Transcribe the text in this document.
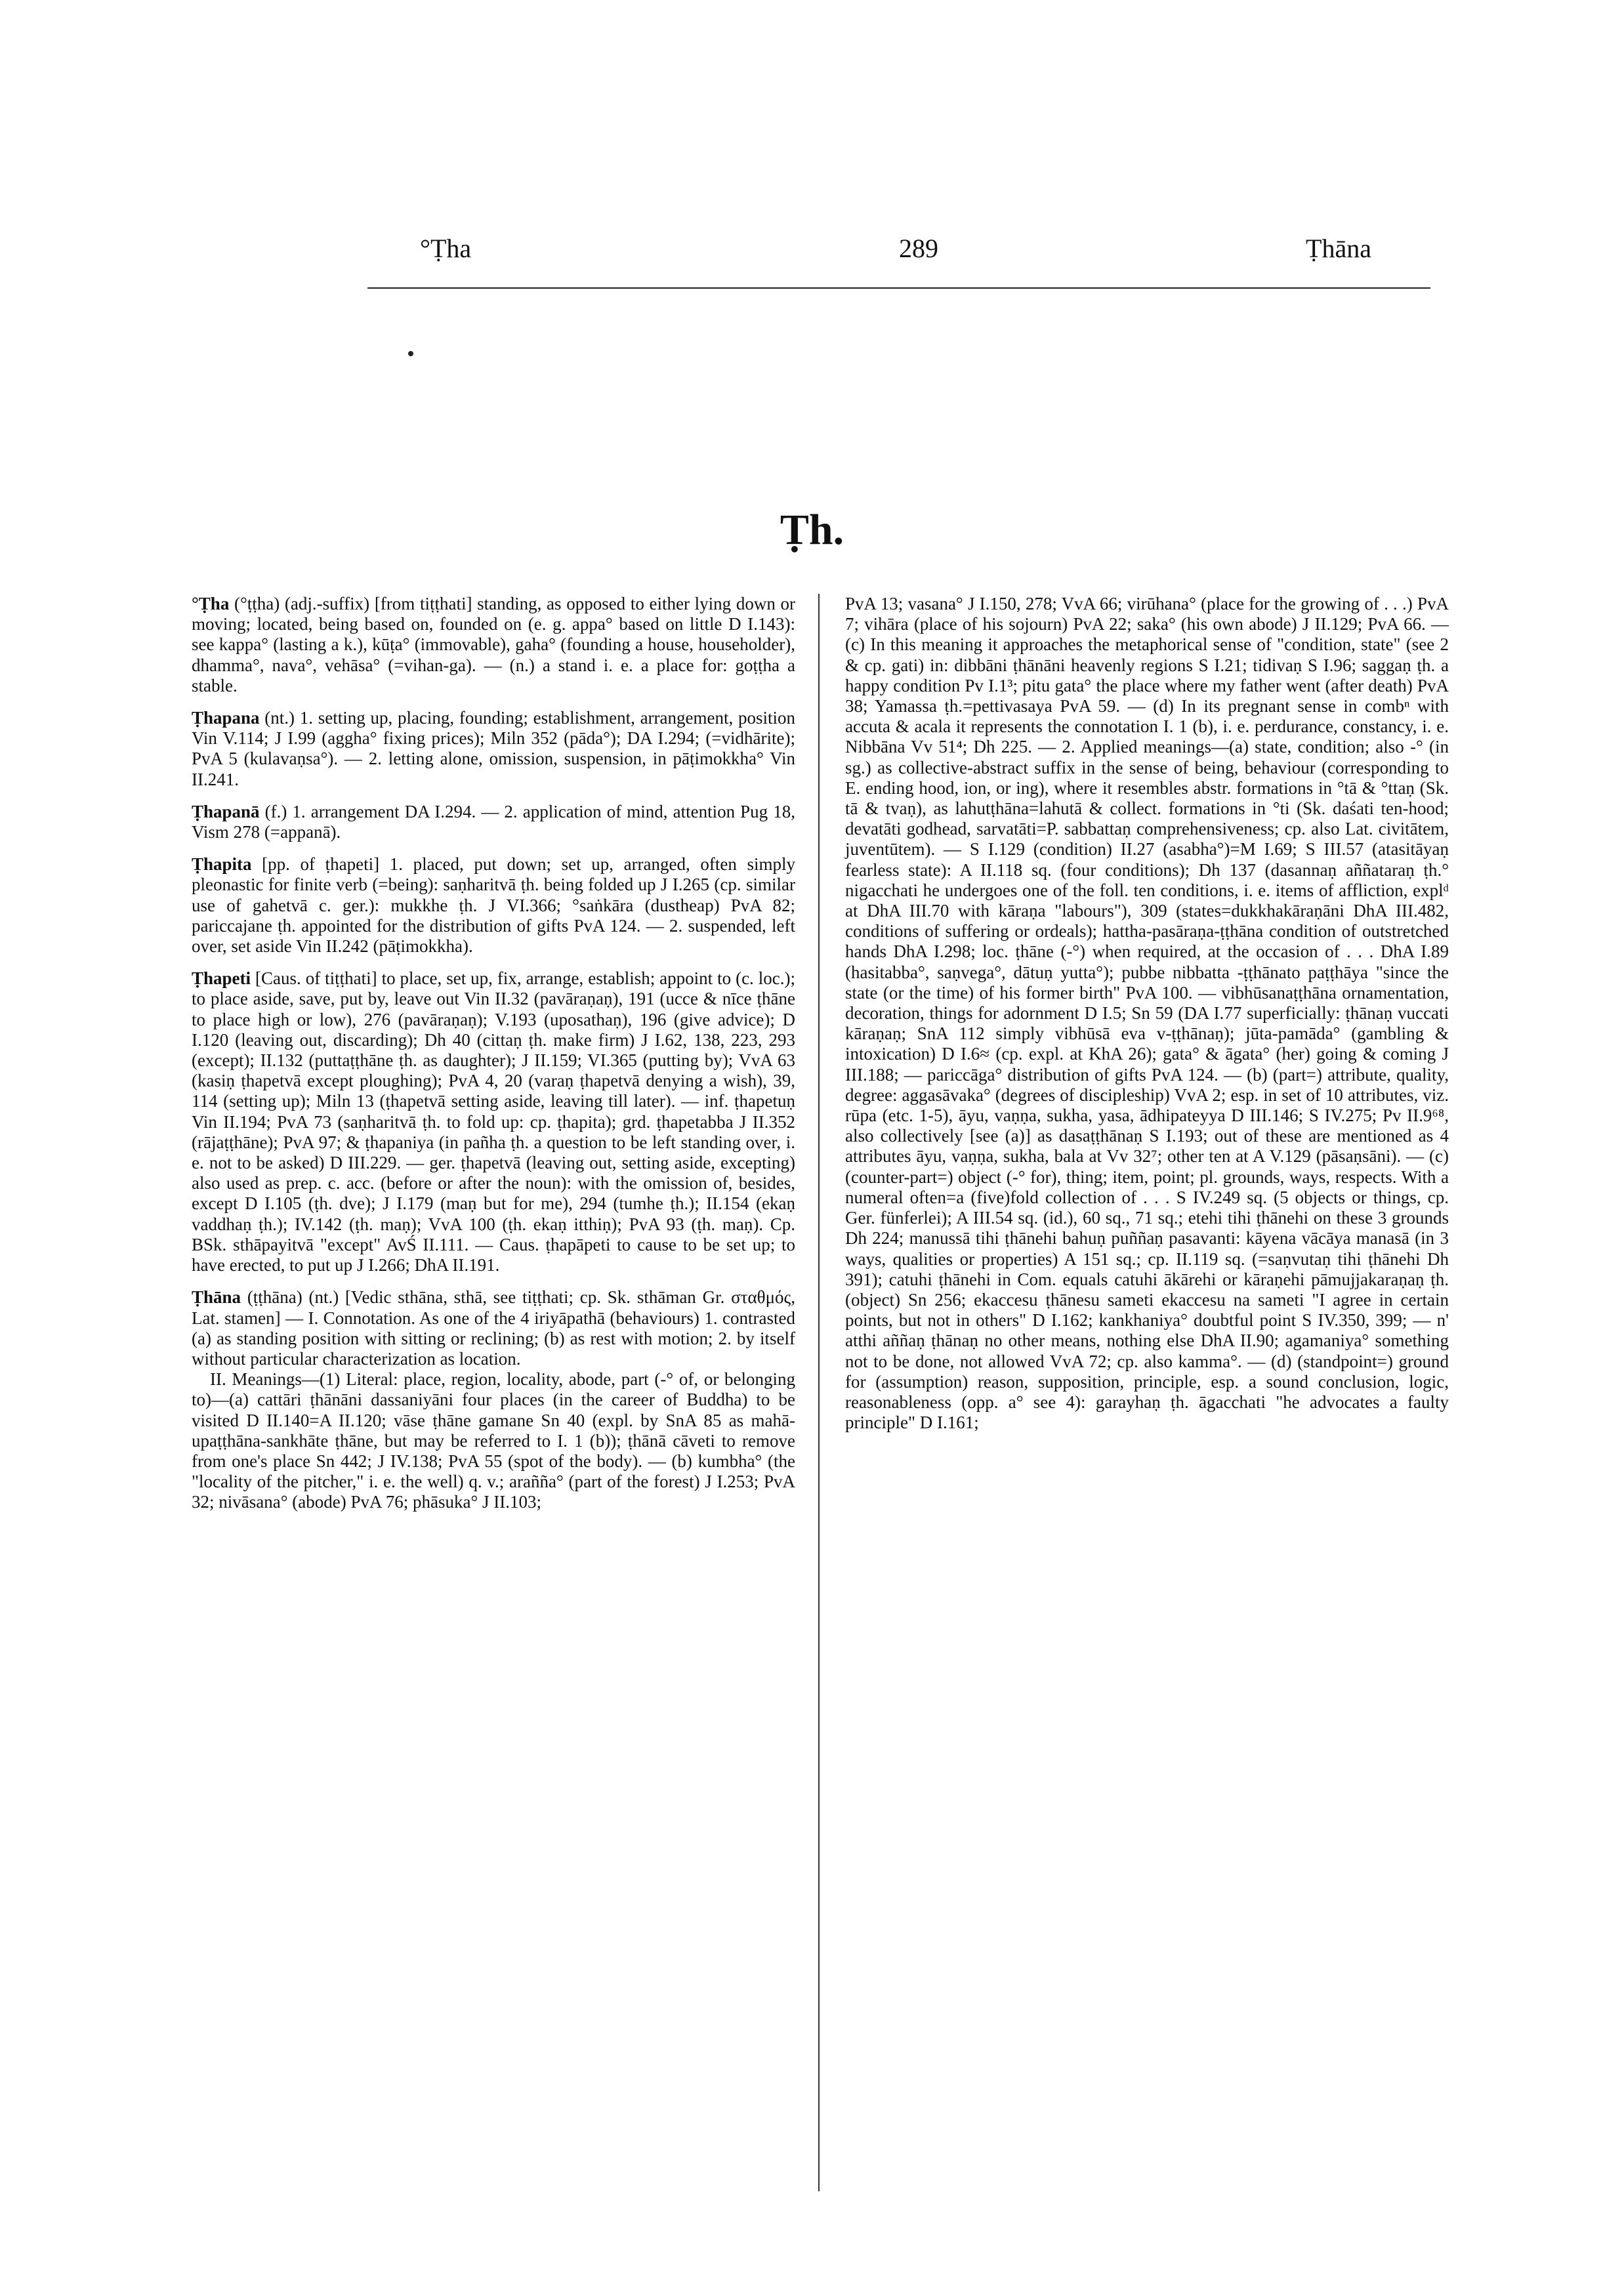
°Ṭha	289	Ṭhāna
Ṭh.

°Ṭha (°ṭṭha) (adj.-suffix) [from tiṭṭhati] standing, as opposed to either lying down or moving; located, being based on, founded on (e. g. appa° based on little D I.143): see kappa° (lasting a k.), kūṭa° (immovable), gaha° (founding a house, householder), dhamma°, nava°, vehāsa° (=vihan-ga). — (n.) a stand i. e. a place for: goṭṭha a stable.

Ṭhapana (nt.) 1. setting up, placing, founding; establishment, arrangement, position Vin V.114; J I.99 (aggha° fixing prices); Miln 352 (pāda°); DA I.294; (=vidhārite); PvA 5 (kulavaṇsa°). — 2. letting alone, omission, suspension, in pāṭimokkha° Vin II.241.

Ṭhapanā (f.) 1. arrangement DA I.294. — 2. application of mind, attention Pug 18, Vism 278 (=appanā).

Ṭhapita [pp. of ṭhapeti] 1. placed, put down; set up, arranged, often simply pleonastic for finite verb (=being): saṇharitvā ṭh. being folded up J I.265 (cp. similar use of gahetvā c. ger.): mukkhe ṭh. J VI.366; °saṅkāra (dustheap) PvA 82; pariccajane ṭh. appointed for the distribution of gifts PvA 124. — 2. suspended, left over, set aside Vin II.242 (pāṭimokkha).

Ṭhapeti [Caus. of tiṭṭhati] to place, set up, fix, arrange, establish; appoint to (c. loc.); to place aside, save, put by, leave out Vin II.32 (pavāraṇaṇ), 191 (ucce & nīce ṭhāne to place high or low), 276 (pavāraṇaṇ); V.193 (uposathaṇ), 196 (give advice); D I.120 (leaving out, discarding); Dh 40 (cittaṇ ṭh. make firm) J I.62, 138, 223, 293 (except); II.132 (puttaṭṭhāne ṭh. as daughter); J II.159; VI.365 (putting by); VvA 63 (kasiṇ ṭhapetvā except ploughing); PvA 4, 20 (varaṇ ṭhapetvā denying a wish), 39, 114 (setting up); Miln 13 (ṭhapetvā setting aside, leaving till later). — inf. ṭhapetuṇ Vin II.194; PvA 73 (saṇharitvā ṭh. to fold up: cp. ṭhapita); grd. ṭhapetabba J II.352 (rājaṭṭhāne); PvA 97; & ṭhapaniya (in pañha ṭh. a question to be left standing over, i. e. not to be asked) D III.229. — ger. ṭhapetvā (leaving out, setting aside, excepting) also used as prep. c. acc. (before or after the noun): with the omission of, besides, except D I.105 (ṭh. dve); J I.179 (maṇ but for me), 294 (tumhe ṭh.); II.154 (ekaṇ vaddhaṇ ṭh.); IV.142 (ṭh. maṇ); VvA 100 (ṭh. ekaṇ itthiṇ); PvA 93 (ṭh. maṇ). Cp. BSk. sthāpayitvā "except" AvŚ II.111. — Caus. ṭhapāpeti to cause to be set up; to have erected, to put up J I.266; DhA II.191.

Ṭhāna (ṭṭhāna) (nt.) [Vedic sthāna, sthā, see tiṭṭhati; cp. Sk. sthāman Gr. σταθμός, Lat. stamen] — I. Connotation. As one of the 4 iriyāpathā (behaviours) 1. contrasted (a) as standing position with sitting or reclining; (b) as rest with motion; 2. by itself without particular characterization as location.

II. Meanings—(1) Literal: place, region, locality, abode, part (-° of, or belonging to)—(a) cattāri ṭhānāni dassaniyāni four places (in the career of Buddha) to be visited D II.140=A II.120; vāse ṭhāne gamane Sn 40 (expl. by SnA 85 as mahā-upaṭṭhāna-sankhāte ṭhāne, but may be referred to I. 1 (b)); ṭhānā cāveti to remove from one's place Sn 442; J IV.138; PvA 55 (spot of the body). — (b) kumbha° (the "locality of the pitcher," i. e. the well) q. v.; arañña° (part of the forest) J I.253; PvA 32; nivāsana° (abode) PvA 76; phāsuka° J II.103;

PvA 13; vasana° J I.150, 278; VvA 66; virūhana° (place for the growing of . . .) PvA 7; vihāra (place of his sojourn) PvA 22; saka° (his own abode) J II.129; PvA 66. — (c) In this meaning it approaches the metaphorical sense of "condition, state" (see 2 & cp. gati) in: dibbāni ṭhānāni heavenly regions S I.21; tidivaṇ S I.96; saggaṇ ṭh. a happy condition Pv I.1³; pitu gata° the place where my father went (after death) PvA 38; Yamassa ṭh.=pettivasaya PvA 59. — (d) In its pregnant sense in combⁿ with accuta & acala it represents the connotation I. 1 (b), i. e. perdurance, constancy, i. e. Nibbāna Vv 51⁴; Dh 225. — 2. Applied meanings—(a) state, condition; also -° (in sg.) as collective-abstract suffix in the sense of being, behaviour (corresponding to E. ending hood, ion, or ing), where it resembles abstr. formations in °tā & °ttaṇ (Sk. tā & tvaṇ), as lahutṭhāna=lahutā & collect. formations in °ti (Sk. daśati ten-hood; devatāti godhead, sarvatāti=P. sabbattaṇ comprehensiveness; cp. also Lat. civitātem, juventūtem). — S I.129 (condition) II.27 (asabha°)=M I.69; S III.57 (atasitāyaṇ fearless state): A II.118 sq. (four conditions); Dh 137 (dasannaṇ aññataraṇ ṭh.° nigacchati he undergoes one of the foll. ten conditions, i. e. items of affliction, explᵈ at DhA III.70 with kāraṇa "labours"), 309 (states=dukkhakāraṇāni DhA III.482, conditions of suffering or ordeals); hattha-pasāraṇa-ṭṭhāna condition of outstretched hands DhA I.298; loc. ṭhāne (-°) when required, at the occasion of . . . DhA I.89 (hasitabba°, saṇvega°, dātuṇ yutta°); pubbe nibbatta -ṭṭhānato paṭṭhāya "since the state (or the time) of his former birth" PvA 100. — vibhūsanaṭṭhāna ornamentation, decoration, things for adornment D I.5; Sn 59 (DA I.77 superficially: ṭhānaṇ vuccati kāraṇaṇ; SnA 112 simply vibhūsā eva v-ṭṭhānaṇ); jūta-pamāda° (gambling & intoxication) D I.6≈ (cp. expl. at KhA 26); gata° & āgata° (her) going & coming J III.188; — pariccāga° distribution of gifts PvA 124. — (b) (part=) attribute, quality, degree: aggasāvaka° (degrees of discipleship) VvA 2; esp. in set of 10 attributes, viz. rūpa (etc. 1-5), āyu, vaṇṇa, sukha, yasa, ādhipateyya D III.146; S IV.275; Pv II.9⁶⁸, also collectively [see (a)] as dasaṭṭhānaṇ S I.193; out of these are mentioned as 4 attributes āyu, vaṇṇa, sukha, bala at Vv 32⁷; other ten at A V.129 (pāsaṇsāni). — (c) (counter-part=) object (-° for), thing; item, point; pl. grounds, ways, respects. With a numeral often=a (five)fold collection of . . . S IV.249 sq. (5 objects or things, cp. Ger. fünferlei); A III.54 sq. (id.), 60 sq., 71 sq.; etehi tihi ṭhānehi on these 3 grounds Dh 224; manussā tihi ṭhānehi bahuṇ puññaṇ pasavanti: kāyena vācāya manasā (in 3 ways, qualities or properties) A 151 sq.; cp. II.119 sq. (=saṇvutaṇ tihi ṭhānehi Dh 391); catuhi ṭhānehi in Com. equals catuhi ākārehi or kāraṇehi pāmujjakaraṇaṇ ṭh. (object) Sn 256; ekaccesu ṭhānesu sameti ekaccesu na sameti "I agree in certain points, but not in others" D I.162; kankhaniya° doubtful point S IV.350, 399; — n' atthi aññaṇ ṭhānaṇ no other means, nothing else DhA II.90; agamaniya° something not to be done, not allowed VvA 72; cp. also kamma°. — (d) (standpoint=) ground for (assumption) reason, supposition, principle, esp. a sound conclusion, logic, reasonableness (opp. a° see 4): garayhaṇ ṭh. āgacchati "he advocates a faulty principle" D I.161;
